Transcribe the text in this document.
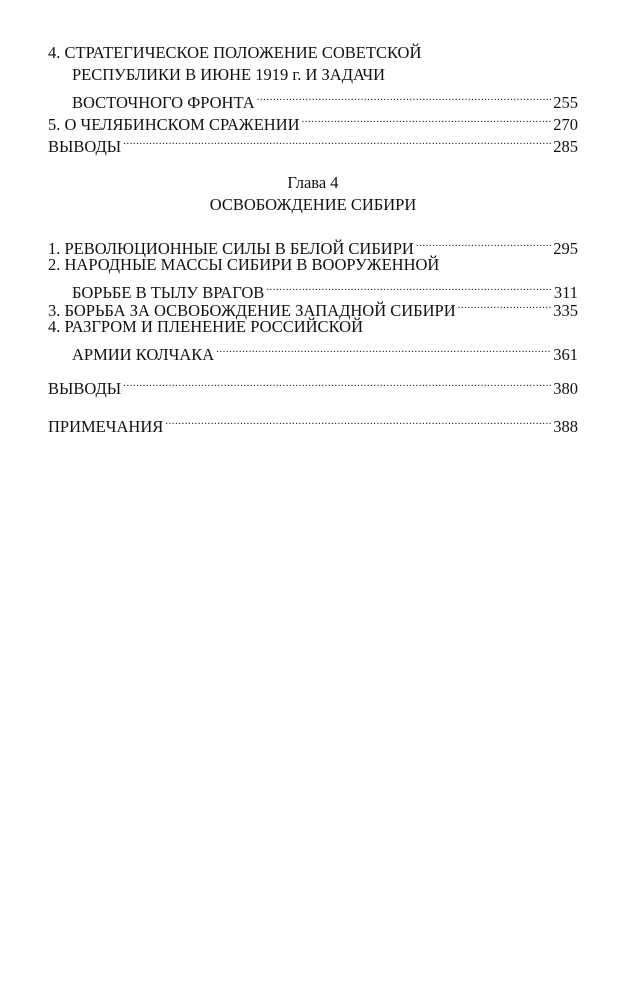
4. СТРАТЕГИЧЕСКОЕ ПОЛОЖЕНИЕ СОВЕТСКОЙ
РЕСПУБЛИКИ В ИЮНЕ 1919 г. И ЗАДАЧИ
ВОСТОЧНОГО ФРОНТА .....	255
5. О ЧЕЛЯБИНСКОМ СРАЖЕНИИ .....	270
ВЫВОДЫ .....	285
Глава 4
ОСВОБОЖДЕНИЕ СИБИРИ
1. РЕВОЛЮЦИОННЫЕ СИЛЫ В БЕЛОЙ СИБИРИ .....	295
2. НАРОДНЫЕ МАССЫ СИБИРИ В ВООРУЖЕННОЙ
БОРЬБЕ В ТЫЛУ ВРАГОВ .....	311
3. БОРЬБА ЗА ОСВОБОЖДЕНИЕ ЗАПАДНОЙ СИБИРИ .....	335
4. РАЗГРОМ И ПЛЕНЕНИЕ РОССИЙСКОЙ
АРМИИ КОЛЧАКА .....	361
ВЫВОДЫ .....	380
ПРИМЕЧАНИЯ .....	388
